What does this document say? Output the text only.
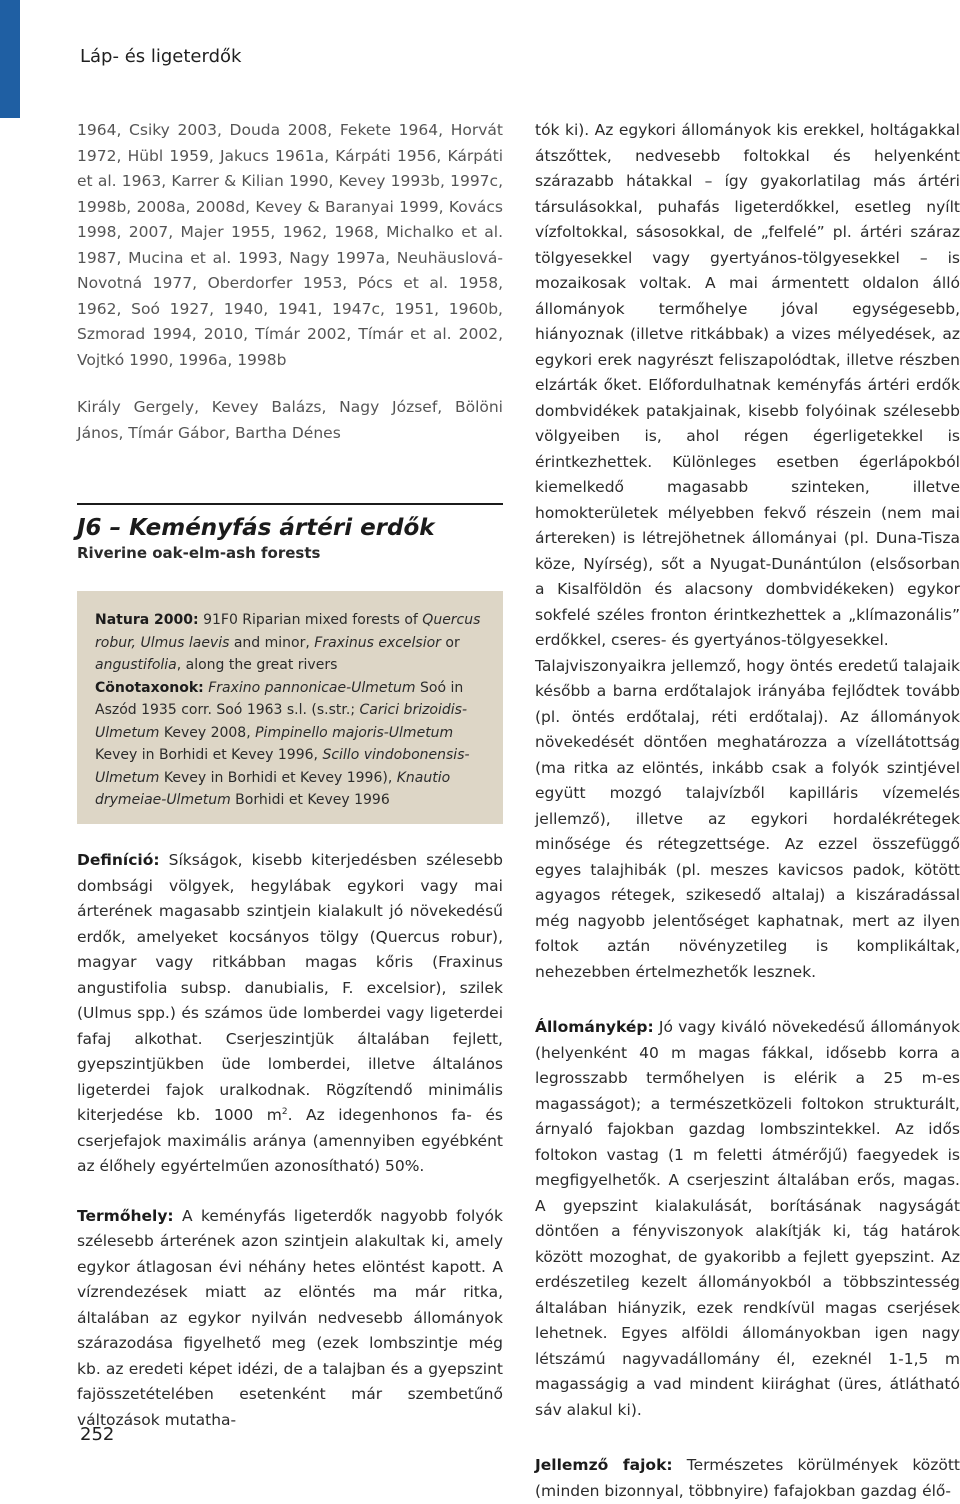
Láp- és ligeterdők

1964, Csiky 2003, Douda 2008, Fekete 1964, Horvát 1972, Hübl 1959, Jakucs 1961a, Kárpáti 1956, Kárpáti et al. 1963, Karrer & Kilian 1990, Kevey 1993b, 1997c, 1998b, 2008a, 2008d, Kevey & Baranyai 1999, Kovács 1998, 2007, Majer 1955, 1962, 1968, Michalko et al. 1987, Mucina et al. 1993, Nagy 1997a, Neuhäuslová-Novotná 1977, Oberdorfer 1953, Pócs et al. 1958, 1962, Soó 1927, 1940, 1941, 1947c, 1951, 1960b, Szmorad 1994, 2010, Tímár 2002, Tímár et al. 2002, Vojtkó 1990, 1996a, 1998b

Király Gergely, Kevey Balázs, Nagy József, Bölöni János, Tímár Gábor, Bartha Dénes

J6 – Keményfás ártéri erdők
Riverine oak-elm-ash forests
Natura 2000: 91F0 Riparian mixed forests of Quercus robur, Ulmus laevis and minor, Fraxinus excelsior or angustifolia, along the great rivers
Cönotaxonok: Fraxino pannonicae-Ulmetum Soó in Aszód 1935 corr. Soó 1963 s.l. (s.str.; Carici brizoidis-Ulmetum Kevey 2008, Pimpinello majoris-Ulmetum Kevey in Borhidi et Kevey 1996, Scillo vindobonensis-Ulmetum Kevey in Borhidi et Kevey 1996), Knautio drymeiae-Ulmetum Borhidi et Kevey 1996

Definíció: Síkságok, kisebb kiterjedésben szélesebb dombsági völgyek, hegylábak egykori vagy mai árterének magasabb szintjein kialakult jó növekedésű erdők, amelyeket kocsányos tölgy (Quercus robur), magyar vagy ritkábban magas kőris (Fraxinus angustifolia subsp. danubialis, F. excelsior), szilek (Ulmus spp.) és számos üde lomberdei vagy ligeterdei fafaj alkothat. Cserjeszintjük általában fejlett, gyepszintjükben üde lomberdei, illetve általános ligeterdei fajok uralkodnak. Rögzítendő minimális kiterjedése kb. 1000 $m^2$. Az idegenhonos fa- és cserjefajok maximális aránya (amennyiben egyébként az élőhely egyértelműen azonosítható) 50%.

Termőhely: A keményfás ligeterdők nagyobb folyók szélesebb árterének azon szintjein alakultak ki, amely egykor átlagosan évi néhány hetes elöntést kapott. A vízrendezések miatt az elöntés ma már ritka, általában az egykor nyilván nedvesebb állományok szárazodása figyelhető meg (ezek lombszintje még kb. az eredeti képet idézi, de a talajban és a gyepszint fajösszetételében esetenként már szembetűnő változások mutatha-

tók ki). Az egykori állományok kis erekkel, holtágakkal átszőttek, nedvesebb foltokkal és helyenként szárazabb hátakkal – így gyakorlatilag más ártéri társulásokkal, puhafás ligeterdőkkel, esetleg nyílt vízfoltokkal, sásosokkal, de „felfelé” pl. ártéri száraz tölgyesekkel vagy gyertyános-tölgyesekkel – is mozaikosak voltak. A mai ármentett oldalon álló állományok termőhelye jóval egységesebb, hiányoznak (illetve ritkábbak) a vizes mélyedések, az egykori erek nagyrészt feliszapolódtak, illetve részben elzárták őket. Előfordulhatnak keményfás ártéri erdők dombvidékek patakjainak, kisebb folyóinak szélesebb völgyeiben is, ahol régen égerligetekkel is érintkezhettek. Különleges esetben égerlápokból kiemelkedő magasabb szinteken, illetve homokterületek mélyebben fekvő részein (nem mai ártereken) is létrejöhetnek állományai (pl. Duna-Tisza köze, Nyírség), sőt a Nyugat-Dunántúlon (elsősorban a Kisalföldön és alacsony dombvidékeken) egykor sokfelé széles fronton érintkezhettek a „klímazonális” erdőkkel, cseres- és gyertyános-tölgyesekkel.

Talajviszonyaikra jellemző, hogy öntés eredetű talajaik később a barna erdőtalajok irányába fejlődtek tovább (pl. öntés erdőtalaj, réti erdőtalaj). Az állományok növekedését döntően meghatározza a vízellátottság (ma ritka az elöntés, inkább csak a folyók szintjével együtt mozgó talajvízből kapilláris vízemelés jellemző), illetve az egykori hordalékrétegek minősége és rétegzettsége. Az ezzel összefüggő egyes talajhibák (pl. meszes kavicsos padok, kötött agyagos rétegek, szikesedő altalaj) a kiszáradással még nagyobb jelentőséget kaphatnak, mert az ilyen foltok aztán növényzetileg is komplikáltak, nehezebben értelmezhetők lesznek.

Állománykép: Jó vagy kiváló növekedésű állományok (helyenként 40 m magas fákkal, idősebb korra a legrosszabb termőhelyen is elérik a 25 m-es magasságot); a természetközeli foltokon strukturált, árnyaló fajokban gazdag lombszintekkel. Az idős foltokon vastag (1 m feletti átmérőjű) faegyedek is megfigyelhetők. A cserjeszint általában erős, magas. A gyepszint kialakulását, borításának nagyságát döntően a fényviszonyok alakítják ki, tág határok között mozoghat, de gyakoribb a fejlett gyepszint. Az erdészetileg kezelt állományokból a többszintesség általában hiányzik, ezek rendkívül magas cserjések lehetnek. Egyes alföldi állományokban igen nagy létszámú nagyvadállomány él, ezeknél 1-1,5 m magasságig a vad mindent kiirághat (üres, átlátható sáv alakul ki).

Jellemző fajok: Természetes körülmények között (minden bizonnyal, többnyire) fafajokban gazdag élő-

252
